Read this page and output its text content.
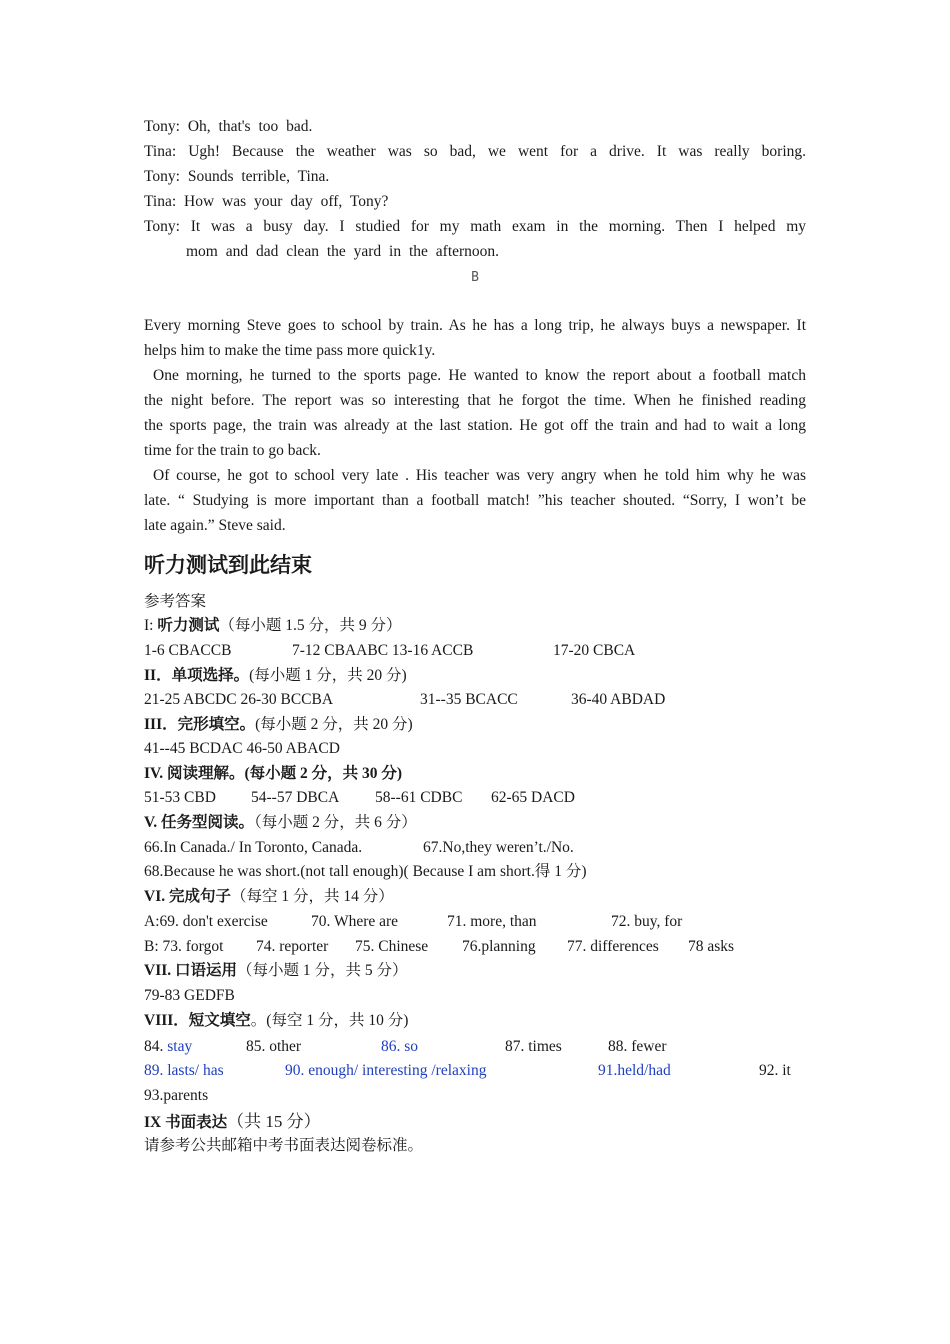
Tony: Oh, that's too bad.
Tina: Ugh! Because the weather was so bad, we went for a drive. It was really boring.
Tony: Sounds terrible, Tina.
Tina: How was your day off, Tony?
Tony: It was a busy day. I studied for my math exam in the morning. Then I helped my
mom and dad clean the yard in the afternoon.
B
Every morning Steve goes to school by train. As he has a long trip, he always buys a newspaper. It
helps him to make the time pass more quick1y.
One morning, he turned to the sports page. He wanted to know the report about a football match
the night before. The report was so interesting that he forgot the time. When he finished reading
the sports page, the train was already at the last station. He got off the train and had to wait a long
time for the train to go back.
Of course, he got to school very late . His teacher was very angry when he told him why he was
late. “ Studying is more important than a football match! ”his teacher shouted. “Sorry, I won’t be
late again.” Steve said.
听力测试到此结束
参考答案
I: 听力测试（每小题 1.5 分，共 9 分）
1-6 CBACCB	7-12 CBAABC 13-16 ACCB	17-20 CBCA
II．单项选择。(每小题 1 分，共 20 分)
21-25 ABCDC 26-30 BCCBA	31--35 BCACC	36-40 ABDAD
III．完形填空。(每小题 2 分，共 20 分)
41--45 BCDAC 46-50 ABACD
IV. 阅读理解。(每小题 2 分，共 30 分)
51-53 CBD 54--57 DBCA 58--61 CDBC 62-65 DACD
V. 任务型阅读。（每小题 2 分，共 6 分）
66.In Canada./ In Toronto, Canada.	67.No,they weren’t./No.
68.Because he was short.(not tall enough)( Because I am short.得 1 分)
VI. 完成句子（每空 1 分，共 14 分）
A:69. don't exercise	70. Where are	71. more, than	72. buy, for
B: 73. forgot 74. reporter 75. Chinese 76.planning 77. differences 78 asks
VII. 口语运用（每小题 1 分，共 5 分）
79-83 GEDFB
VIII．短文填空。(每空 1 分，共 10 分)
84. stay	85. other	86. so	87. times	88. fewer
89. lasts/ has	90. enough/ interesting /relaxing	91.held/had	92. it
93.parents
IX 书面表达（共 15 分）
请参考公共邮箱中考书面表达阅卷标准。
